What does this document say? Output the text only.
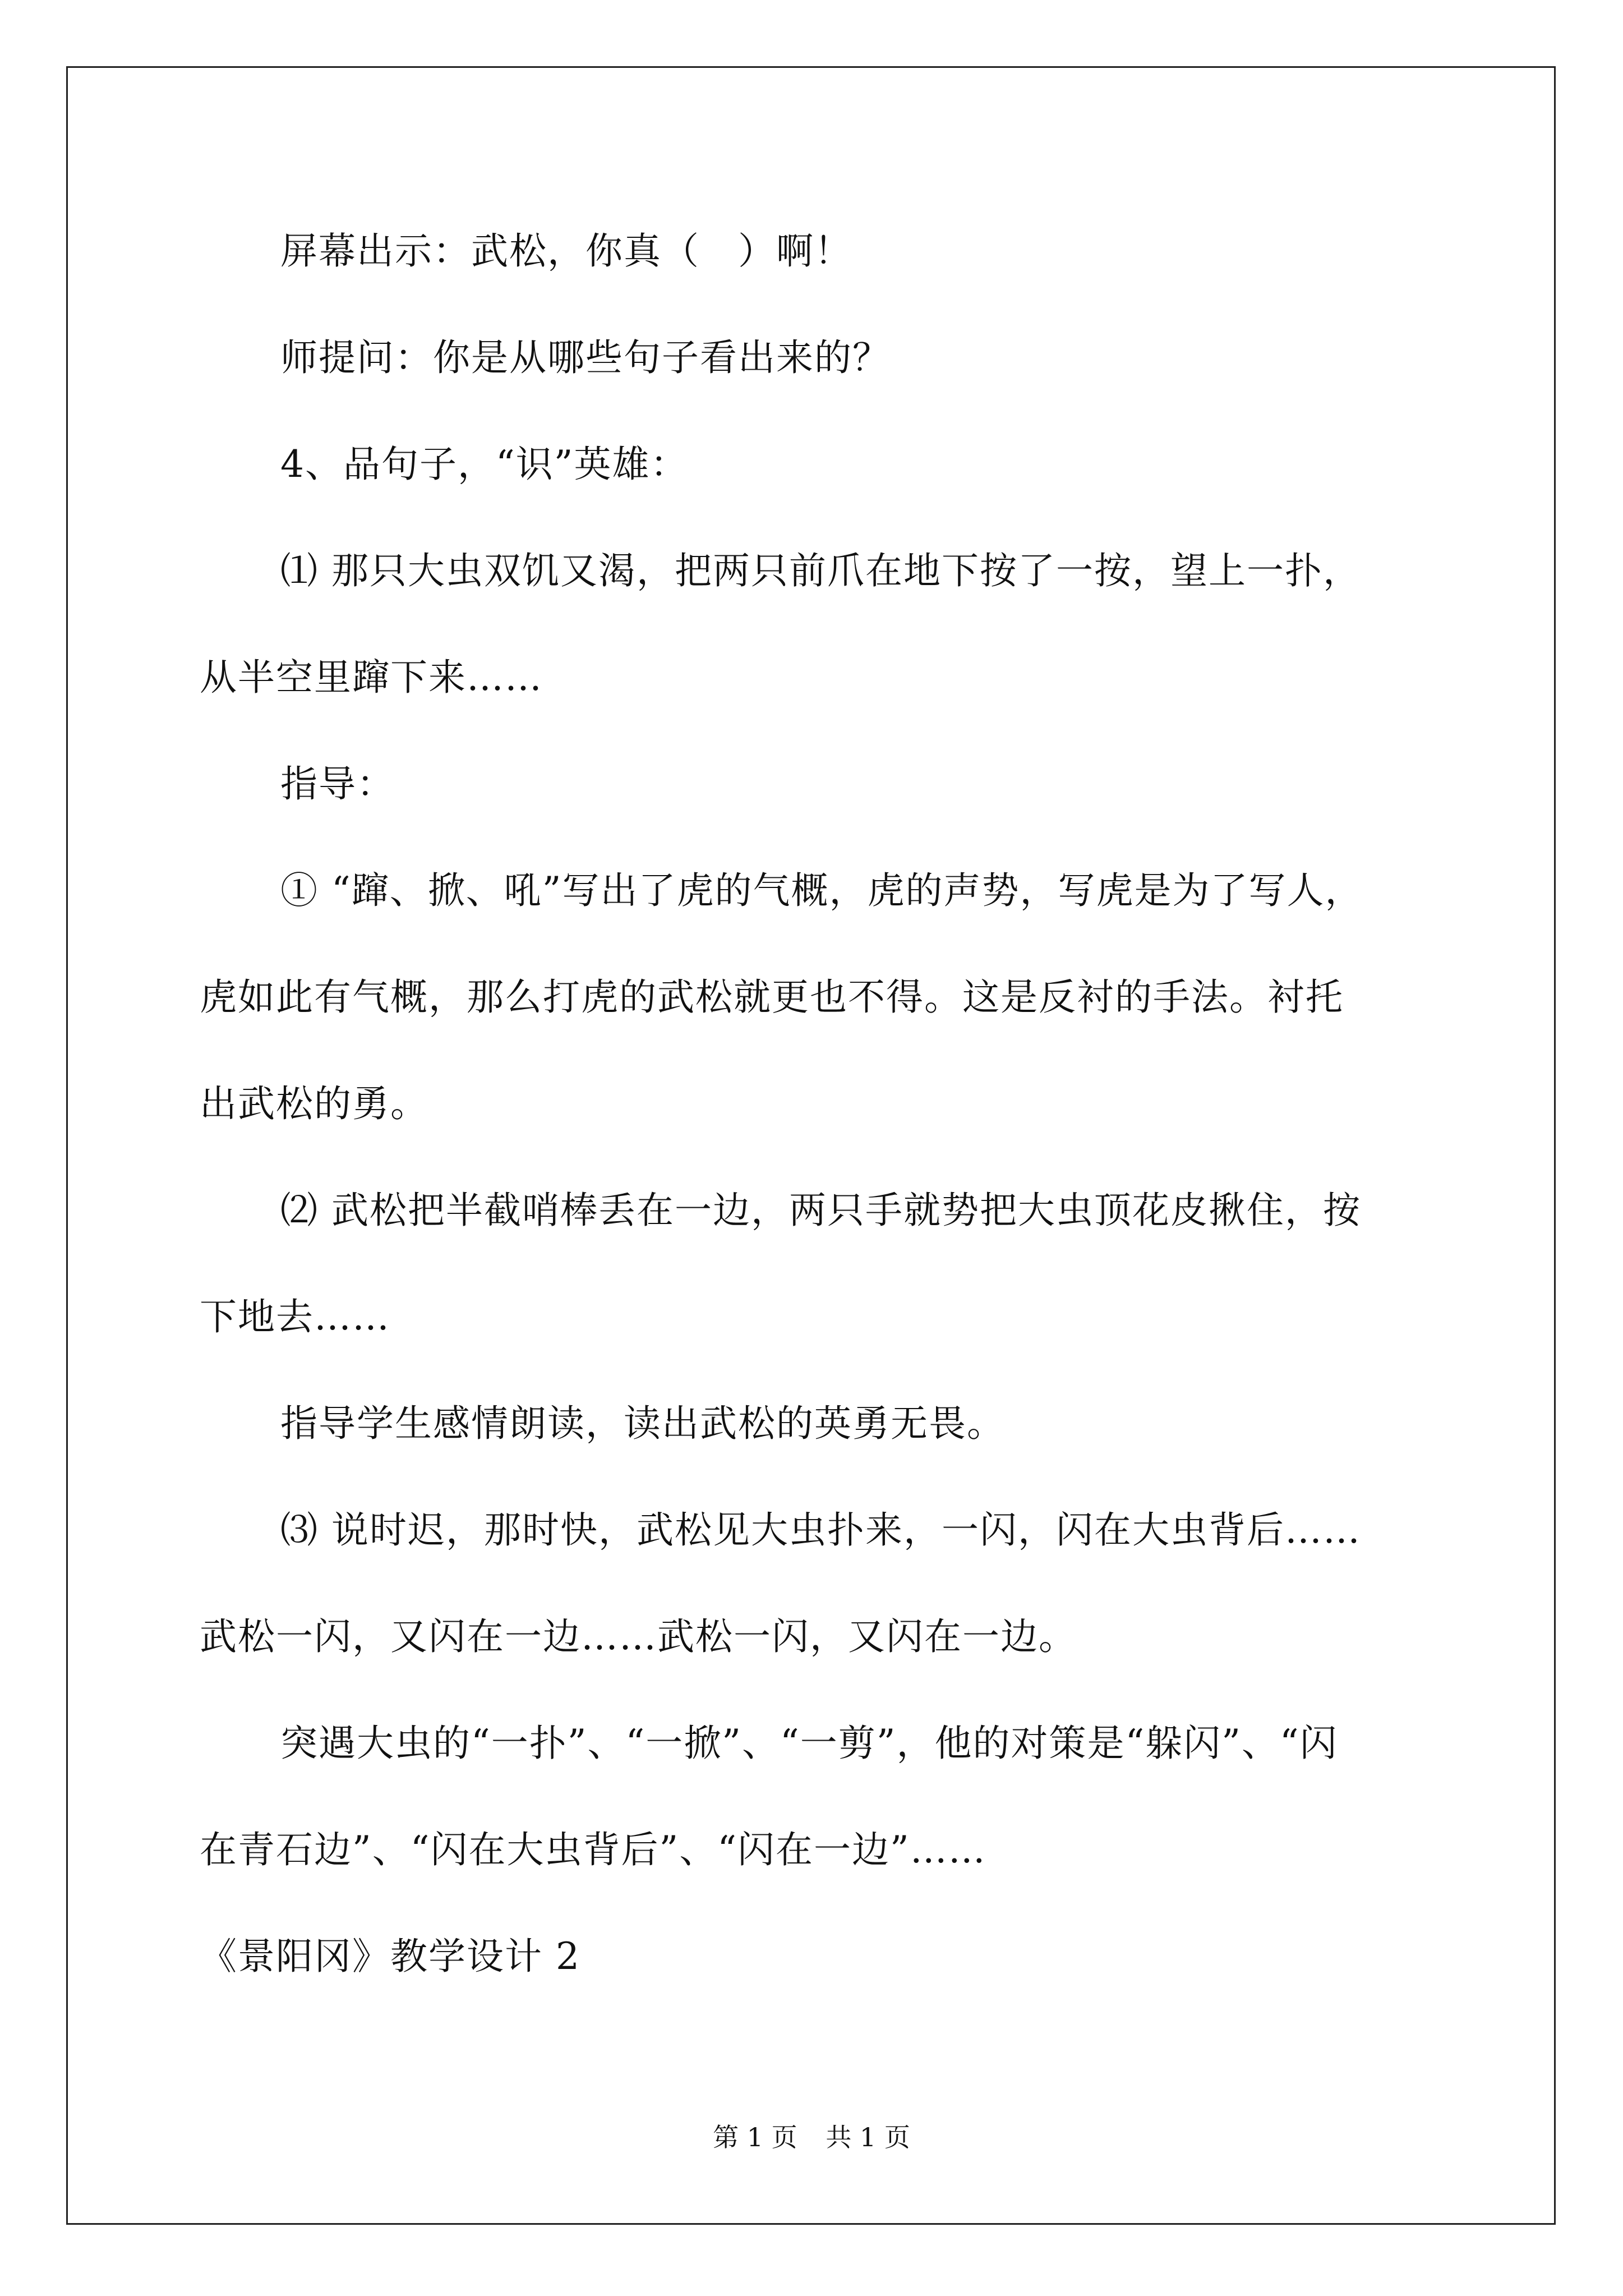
屏幕出示：武松，你真（　）啊！
师提问：你是从哪些句子看出来的？
4、品句子，“识”英雄：
⑴ 那只大虫双饥又渴，把两只前爪在地下按了一按，望上一扑，
从半空里蹿下来……
指导：
① “蹿、掀、吼”写出了虎的气概，虎的声势，写虎是为了写人，
虎如此有气概，那么打虎的武松就更也不得。这是反衬的手法。衬托
出武松的勇。
⑵ 武松把半截哨棒丢在一边，两只手就势把大虫顶花皮揪住，按
下地去……
指导学生感情朗读，读出武松的英勇无畏。
⑶ 说时迟，那时快，武松见大虫扑来，一闪，闪在大虫背后……
武松一闪，又闪在一边……武松一闪，又闪在一边。
突遇大虫的“一扑”、“一掀”、“一剪”，他的对策是“躲闪”、“闪
在青石边”、“闪在大虫背后”、“闪在一边”……
《景阳冈》教学设计 2
第 1 页 共 1 页
